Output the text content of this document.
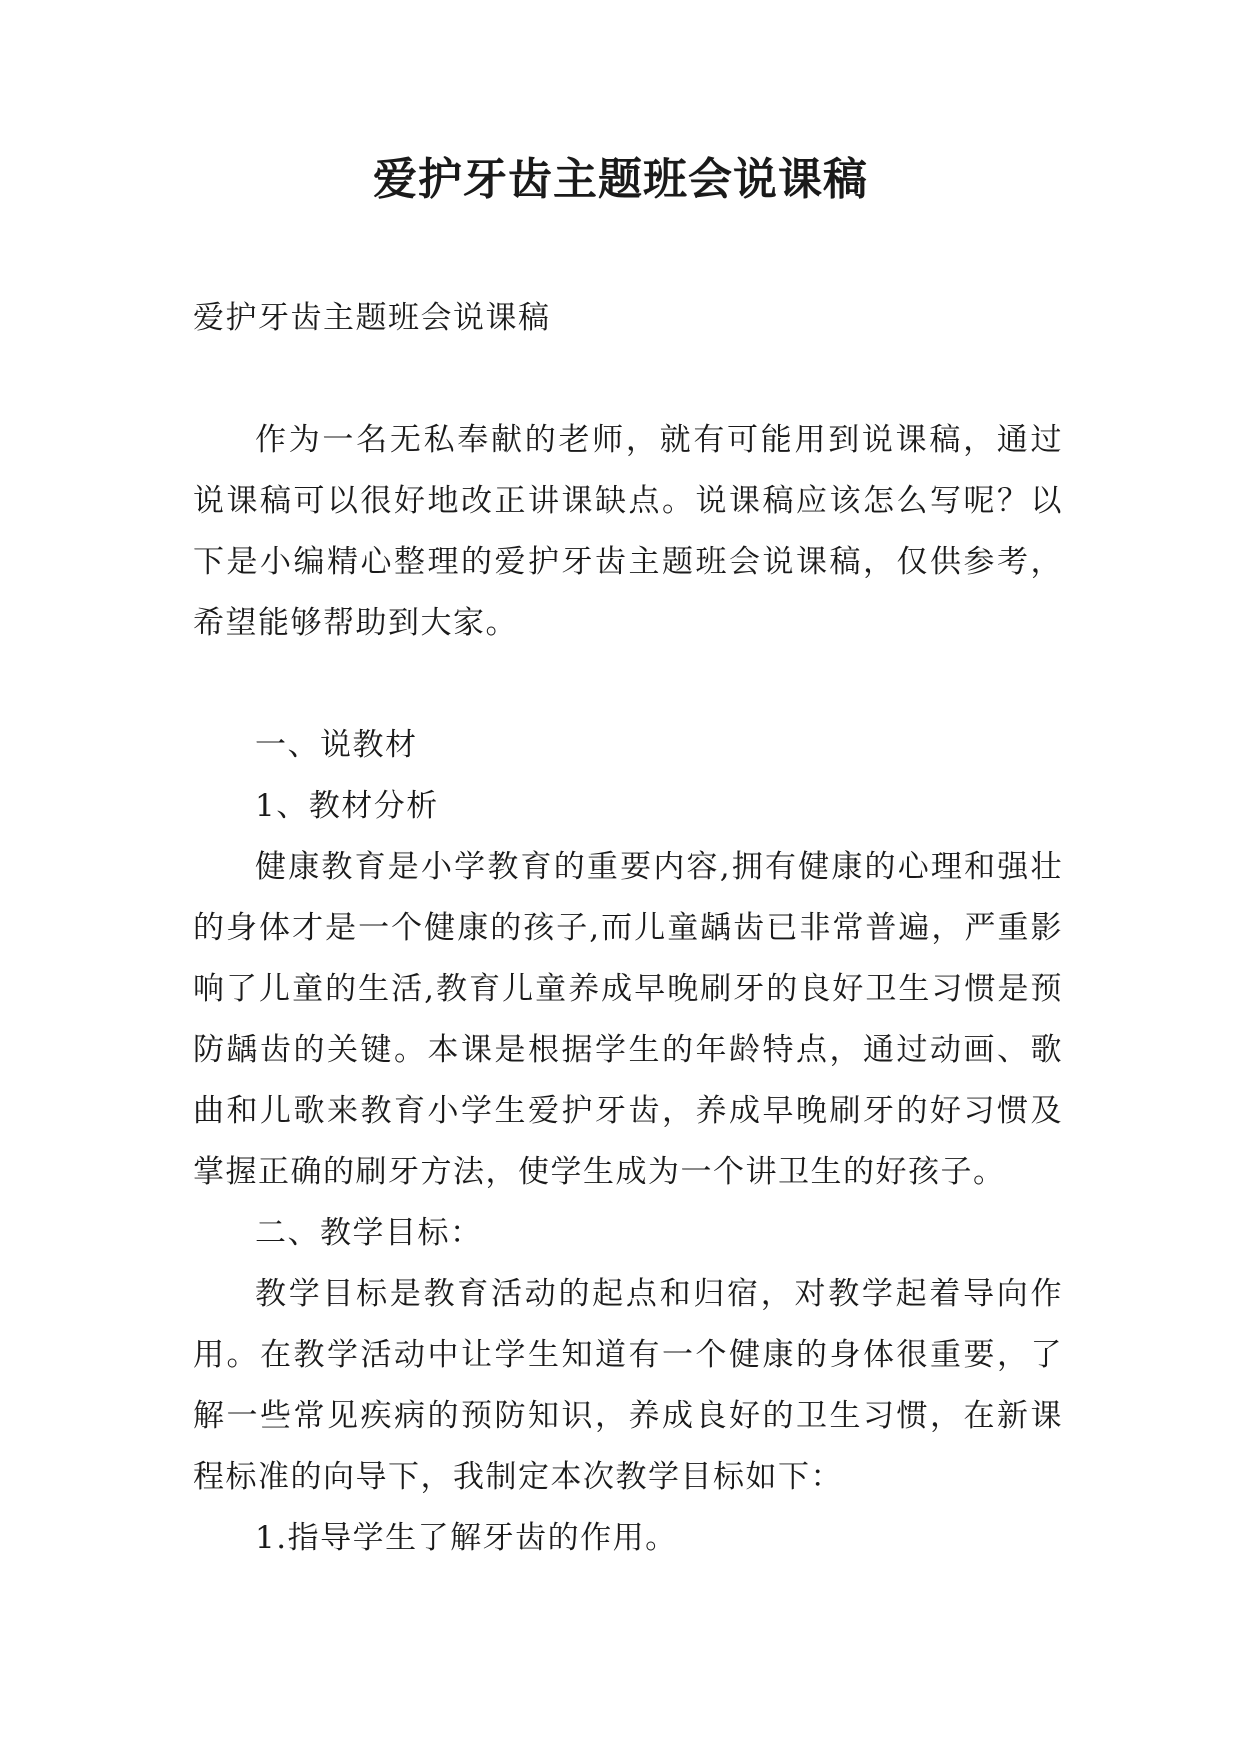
爱护牙齿主题班会说课稿

爱护牙齿主题班会说课稿

作为一名无私奉献的老师，就有可能用到说课稿，通过说课稿可以很好地改正讲课缺点。说课稿应该怎么写呢？以下是小编精心整理的爱护牙齿主题班会说课稿，仅供参考，希望能够帮助到大家。

一、说教材

1、教材分析

健康教育是小学教育的重要内容,拥有健康的心理和强壮的身体才是一个健康的孩子,而儿童龋齿已非常普遍，严重影响了儿童的生活,教育儿童养成早晚刷牙的良好卫生习惯是预防龋齿的关键。本课是根据学生的年龄特点，通过动画、歌曲和儿歌来教育小学生爱护牙齿，养成早晚刷牙的好习惯及掌握正确的刷牙方法，使学生成为一个讲卫生的好孩子。

二、教学目标：

教学目标是教育活动的起点和归宿，对教学起着导向作用。在教学活动中让学生知道有一个健康的身体很重要，了解一些常见疾病的预防知识，养成良好的卫生习惯，在新课程标准的向导下，我制定本次教学目标如下：

1.指导学生了解牙齿的作用。
